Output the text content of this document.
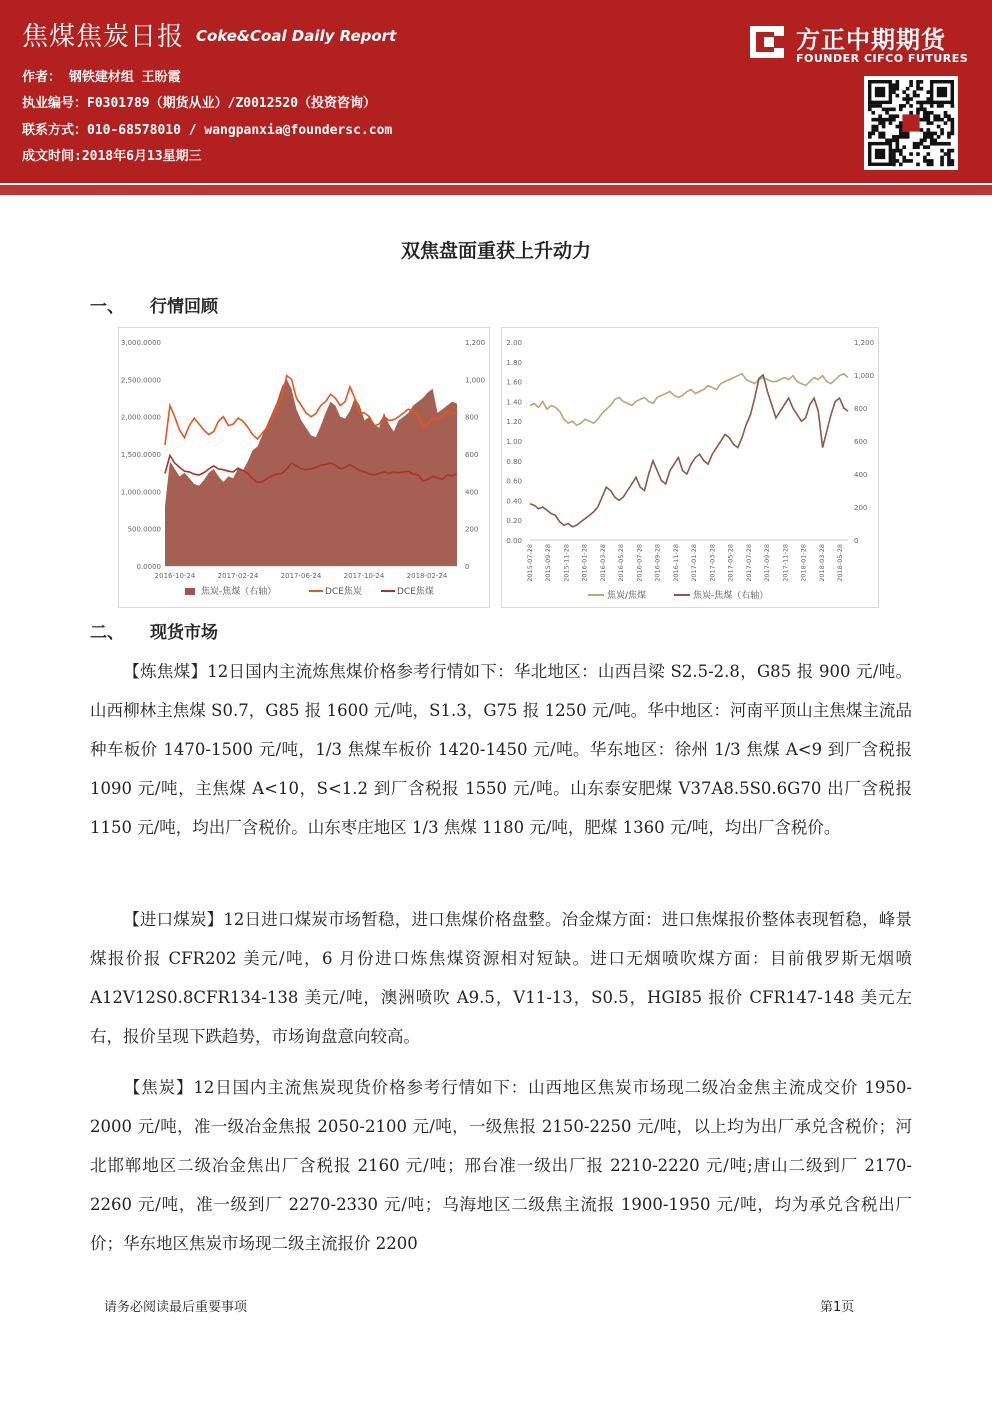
焦煤焦炭日报 Coke&Coal Daily Report
作者： 钢铁建材组 王盼霞
执业编号：F0301789（期货从业）/Z0012520（投资咨询）
联系方式：010-68578010 / wangpanxia@foundersc.com
成文时间:2018年6月13星期三
方正中期期货
FOUNDER CIFCO FUTURES
双焦盘面重获上升动力
一、 行情回顾
3,000.0000
2,500.0000
2,000.0000
1,500.0000
1,000.0000
500.0000
0.0000
1,200
1,000
800
600
400
200
0
2016-10-24	2017-02-24	2017-06-24	2017-10-24	2018-02-24
焦炭-焦煤（右轴）	DCE焦炭	DCE焦煤
2.00
1.80
1.60
1.40
1.20
1.00
0.80
0.60
0.40
0.20
0.00
1,200
1,000
800
600
400
200
0
2015-07-28 2015-09-28 2015-11-28 2016-01-28 2016-03-28 2016-05-28 2016-07-28 2016-09-28 2016-11-28 2017-01-28 2017-03-28 2017-05-28 2017-07-28 2017-09-28 2017-11-28 2018-01-28 2018-03-28 2018-05-28
焦炭/焦煤	焦炭-焦煤（右轴）
二、 现货市场
【炼焦煤】12日国内主流炼焦煤价格参考行情如下：华北地区：山西吕梁 S2.5-2.8，G85 报 900 元/吨。山西柳林主焦煤 S0.7，G85 报 1600 元/吨，S1.3，G75 报 1250 元/吨。华中地区：河南平顶山主焦煤主流品种车板价 1470-1500 元/吨，1/3 焦煤车板价 1420-1450 元/吨。华东地区：徐州 1/3 焦煤 A<9 到厂含税报 1090 元/吨，主焦煤 A<10，S<1.2 到厂含税报 1550 元/吨。山东泰安肥煤 V37A8.5S0.6G70 出厂含税报 1150 元/吨，均出厂含税价。山东枣庄地区 1/3 焦煤 1180 元/吨，肥煤 1360 元/吨，均出厂含税价。
【进口煤炭】12日进口煤炭市场暂稳，进口焦煤价格盘整。冶金煤方面：进口焦煤报价整体表现暂稳，峰景煤报价报 CFR202 美元/吨，6 月份进口炼焦煤资源相对短缺。进口无烟喷吹煤方面：目前俄罗斯无烟喷 A12V12S0.8CFR134-138 美元/吨，澳洲喷吹 A9.5，V11-13，S0.5，HGI85 报价 CFR147-148 美元左右，报价呈现下跌趋势，市场询盘意向较高。
【焦炭】12日国内主流焦炭现货价格参考行情如下：山西地区焦炭市场现二级冶金焦主流成交价 1950-2000 元/吨，准一级冶金焦报 2050-2100 元/吨，一级焦报 2150-2250 元/吨，以上均为出厂承兑含税价；河北邯郸地区二级冶金焦出厂含税报 2160 元/吨；邢台准一级出厂报 2210-2220 元/吨;唐山二级到厂 2170-2260 元/吨，准一级到厂 2270-2330 元/吨；乌海地区二级焦主流报 1900-1950 元/吨，均为承兑含税出厂价；华东地区焦炭市场现二级主流报价 2200
请务必阅读最后重要事项	第1页
